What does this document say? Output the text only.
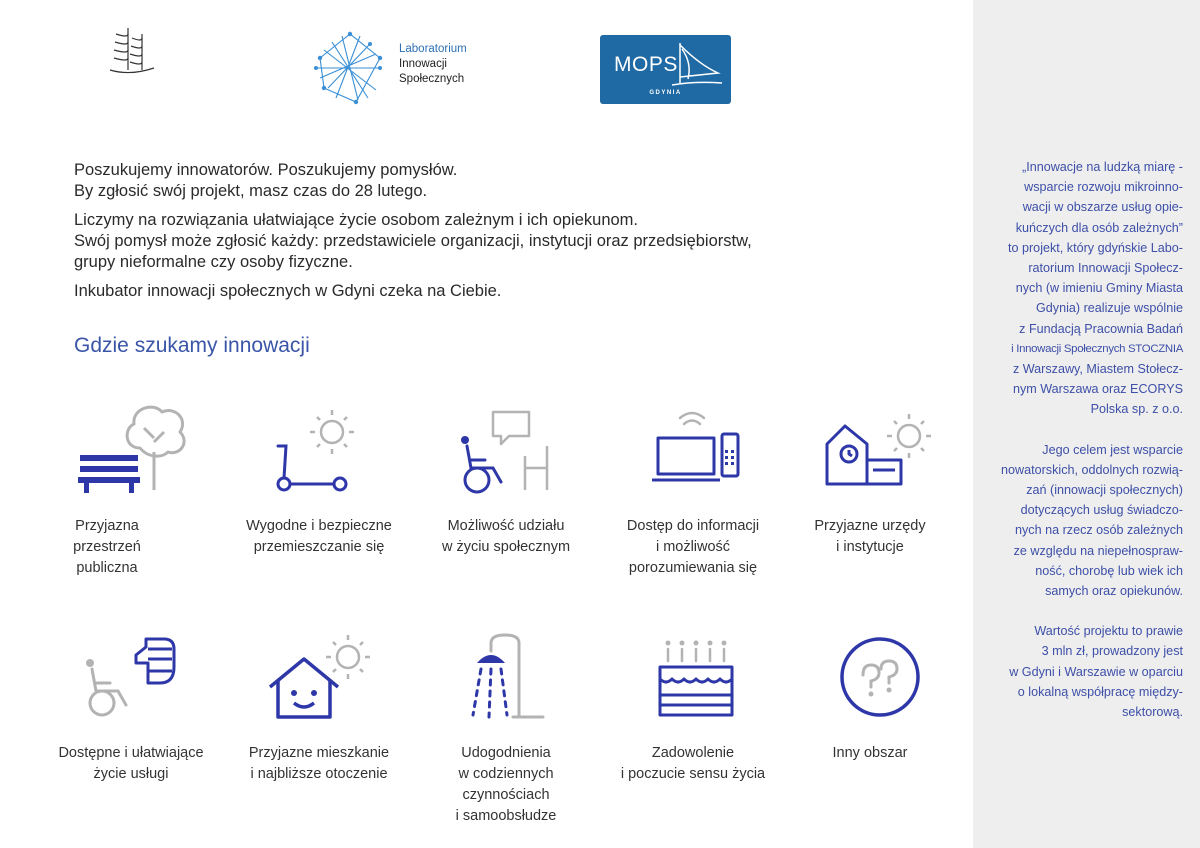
Laboratorium
Innowacji
Społecznych
MOPS
GDYNIA

Poszukujemy innowatorów. Poszukujemy pomysłów.
By zgłosić swój projekt, masz czas do 28 lutego.

Liczymy na rozwiązania ułatwiające życie osobom zależnym i ich opiekunom.
Swój pomysł może zgłosić każdy: przedstawiciele organizacji, instytucji oraz przedsiębiorstw,
grupy nieformalne czy osoby fizyczne.

Inkubator innowacji społecznych w Gdyni czeka na Ciebie.

Gdzie szukamy innowacji
Przyjazna
przestrzeń
publiczna
Wygodne i bezpieczne
przemieszczanie się
Możliwość udziału
w życiu społecznym
Dostęp do informacji
i możliwość
porozumiewania się
Przyjazne urzędy
i instytucje
Dostępne i ułatwiające
życie usługi
Przyjazne mieszkanie
i najbliższe otoczenie
Udogodnienia
w codziennych
czynnościach
i samoobsłudze
Zadowolenie
i poczucie sensu życia
Inny obszar

„Innowacje na ludzką miarę -
wsparcie rozwoju mikroinno-
wacji w obszarze usług opie-
kuńczych dla osób zależnych”
to projekt, który gdyńskie Labo-
ratorium Innowacji Społecz-
nych (w imieniu Gminy Miasta
Gdynia) realizuje wspólnie
z Fundacją Pracownia Badań
i Innowacji Społecznych STOCZNIA
z Warszawy, Miastem Stołecz-
nym Warszawa oraz ECORYS
Polska sp. z o.o.

Jego celem jest wsparcie
nowatorskich, oddolnych rozwią-
zań (innowacji społecznych)
dotyczących usług świadczo-
nych na rzecz osób zależnych
ze względu na niepełnospraw-
ność, chorobę lub wiek ich
samych oraz opiekunów.

Wartość projektu to prawie
3 mln zł, prowadzony jest
w Gdyni i Warszawie w oparciu
o lokalną współpracę między-
sektorową.
